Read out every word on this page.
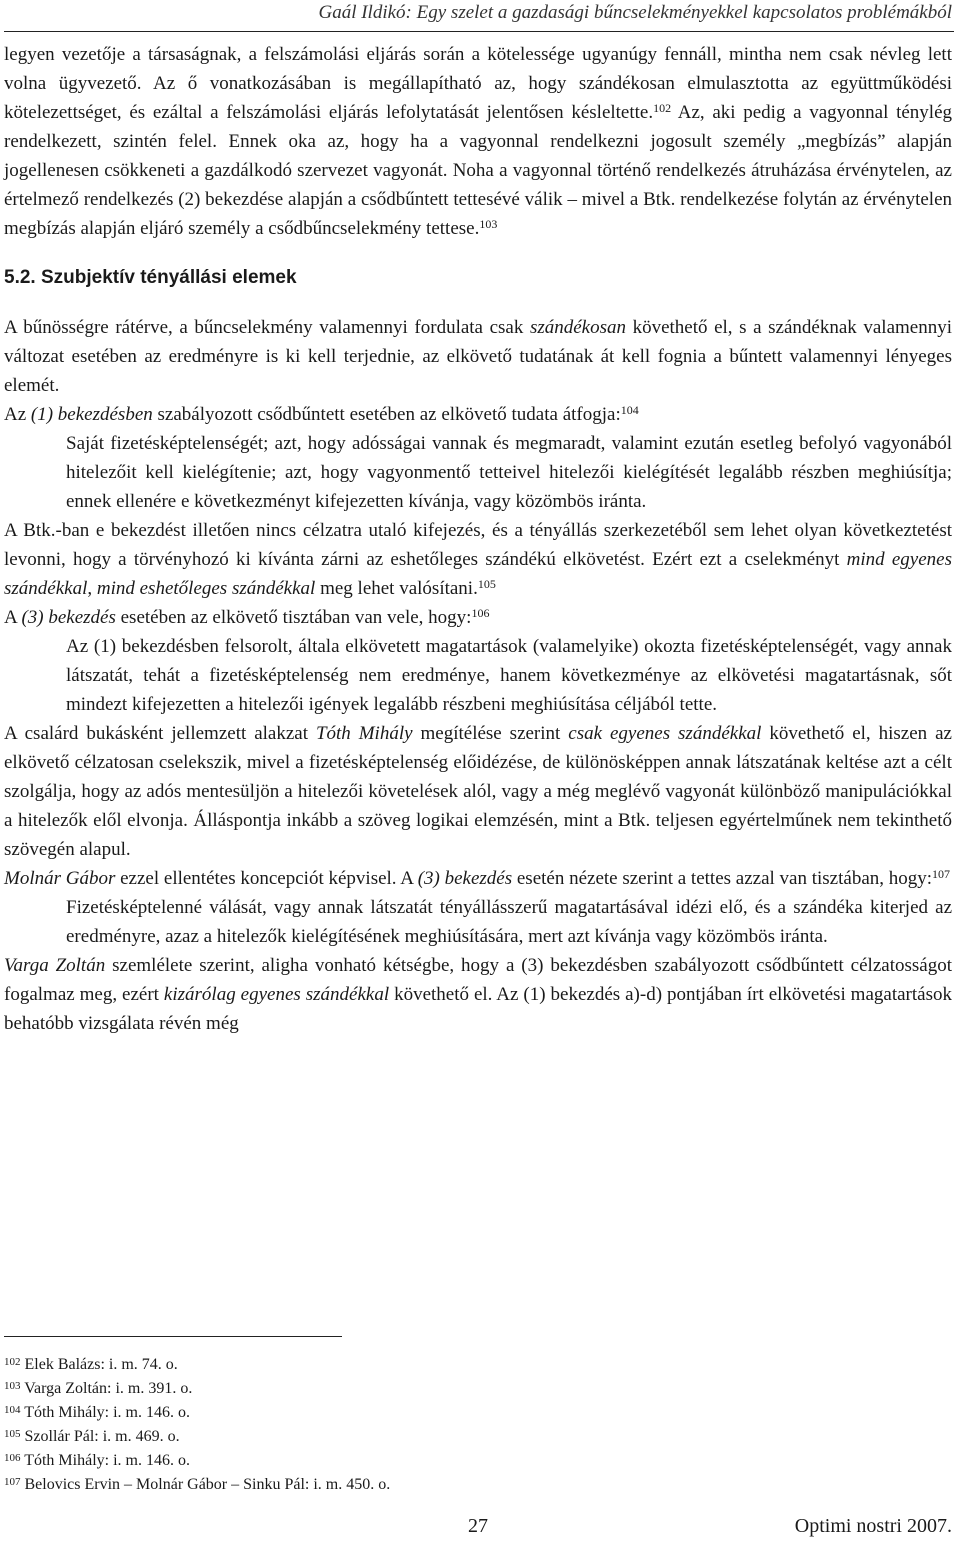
Gaál Ildikó: Egy szelet a gazdasági bűncselekményekkel kapcsolatos problémákból

legyen vezetője a társaságnak, a felszámolási eljárás során a kötelessége ugyanúgy fennáll, mintha nem csak névleg lett volna ügyvezető. Az ő vonatkozásában is megállapítható az, hogy szándékosan elmulasztotta az együttműködési kötelezettséget, és ezáltal a felszámolási eljárás lefolytatását jelentősen késleltette.$^{102}$ Az, aki pedig a vagyonnal ténylég rendelkezett, szintén felel. Ennek oka az, hogy ha a vagyonnal rendelkezni jogosult személy „megbízás” alapján jogellenesen csökkeneti a gazdálkodó szervezet vagyonát. Noha a vagyonnal történő rendelkezés átruházása érvénytelen, az értelmező rendelkezés (2) bekezdése alapján a csődbűntett tettesévé válik – mivel a Btk. rendelkezése folytán az érvénytelen megbízás alapján eljáró személy a csődbűncselekmény tettese.$^{103}$

5.2. Szubjektív tényállási elemek

A bűnösségre rátérve, a bűncselekmény valamennyi fordulata csak szándékosan követhető el, s a szándéknak valamennyi változat esetében az eredményre is ki kell terjednie, az elkövető tudatának át kell fognia a bűntett valamennyi lényeges elemét.

Az (1) bekezdésben szabályozott csődbűntett esetében az elkövető tudata átfogja:$^{104}$

Saját fizetésképtelenségét; azt, hogy adósságai vannak és megmaradt, valamint ezután esetleg befolyó vagyonából hitelezőit kell kielégítenie; azt, hogy vagyonmentő tetteivel hitelezői kielégítését legalább részben meghiúsítja; ennek ellenére e következményt kifejezetten kívánja, vagy közömbös iránta.

A Btk.-ban e bekezdést illetően nincs célzatra utaló kifejezés, és a tényállás szerkezetéből sem lehet olyan következtetést levonni, hogy a törvényhozó ki kívánta zárni az eshetőleges szándékú elkövetést. Ezért ezt a cselekményt mind egyenes szándékkal, mind eshetőleges szándékkal meg lehet valósítani.$^{105}$

A (3) bekezdés esetében az elkövető tisztában van vele, hogy:$^{106}$

Az (1) bekezdésben felsorolt, általa elkövetett magatartások (valamelyike) okozta fizetésképtelenségét, vagy annak látszatát, tehát a fizetésképtelenség nem eredménye, hanem következménye az elkövetési magatartásnak, sőt mindezt kifejezetten a hitelezői igények legalább részbeni meghiúsítása céljából tette.

A csalárd bukásként jellemzett alakzat Tóth Mihály megítélése szerint csak egyenes szándékkal követhető el, hiszen az elkövető célzatosan cselekszik, mivel a fizetésképtelenség előidézése, de különösképpen annak látszatának keltése azt a célt szolgálja, hogy az adós mentesüljön a hitelezői követelések alól, vagy a még meglévő vagyonát különböző manipulációkkal a hitelezők elől elvonja. Álláspontja inkább a szöveg logikai elemzésén, mint a Btk. teljesen egyértelműnek nem tekinthető szövegén alapul.

Molnár Gábor ezzel ellentétes koncepciót képvisel. A (3) bekezdés esetén nézete szerint a tettes azzal van tisztában, hogy:$^{107}$

Fizetésképtelenné válását, vagy annak látszatát tényállásszerű magatartásával idézi elő, és a szándéka kiterjed az eredményre, azaz a hitelezők kielégítésének meghiúsítására, mert azt kívánja vagy közömbös iránta.

Varga Zoltán szemlélete szerint, aligha vonható kétségbe, hogy a (3) bekezdésben szabályozott csődbűntett célzatosságot fogalmaz meg, ezért kizárólag egyenes szándékkal követhető el. Az (1) bekezdés a)-d) pontjában írt elkövetési magatartások behatóbb vizsgálata révén még

$^{102}$ Elek Balázs: i. m. 74. o.
$^{103}$ Varga Zoltán: i. m. 391. o.
$^{104}$ Tóth Mihály: i. m. 146. o.
$^{105}$ Szollár Pál: i. m. 469. o.
$^{106}$ Tóth Mihály: i. m. 146. o.
$^{107}$ Belovics Ervin – Molnár Gábor – Sinku Pál: i. m. 450. o.
27	Optimi nostri 2007.
